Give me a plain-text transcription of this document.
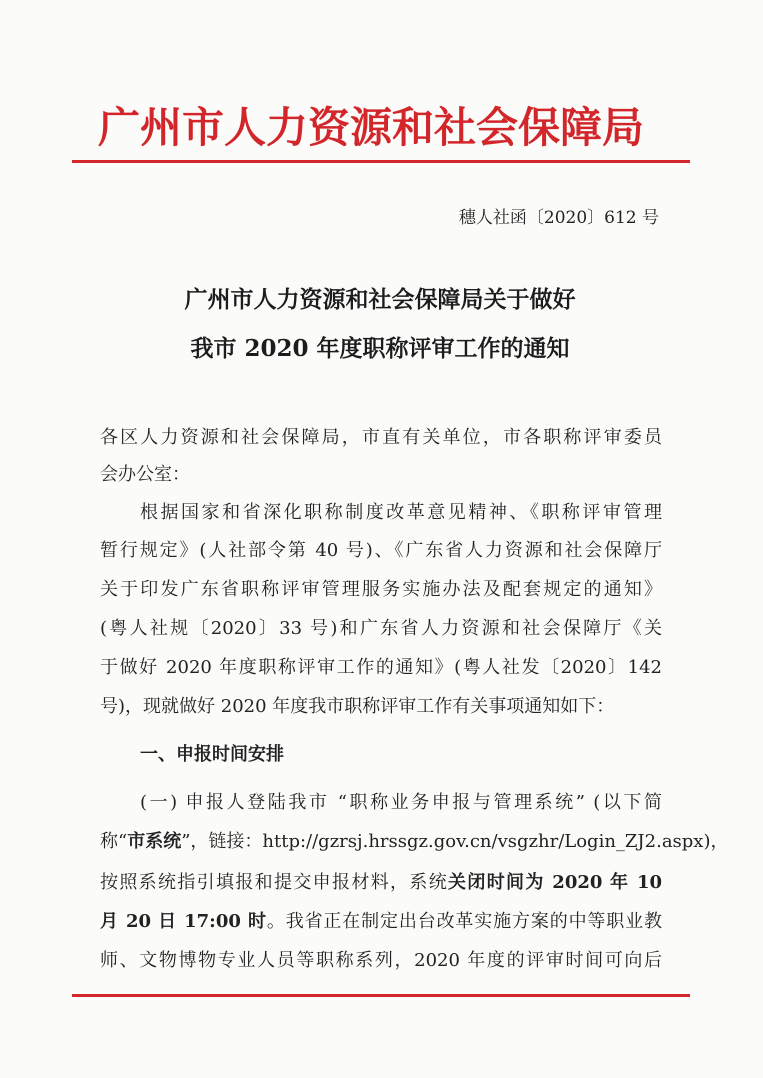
广州市人力资源和社会保障局
穗人社函〔2020〕612 号
广州市人力资源和社会保障局关于做好
我市 2020 年度职称评审工作的通知
各区人力资源和社会保障局，市直有关单位，市各职称评审委员
会办公室：
根据国家和省深化职称制度改革意见精神、《职称评审管理
暂行规定》(人社部令第 40 号)、《广东省人力资源和社会保障厅
关于印发广东省职称评审管理服务实施办法及配套规定的通知》
(粤人社规〔2020〕33 号)和广东省人力资源和社会保障厅《关
于做好 2020 年度职称评审工作的通知》(粤人社发〔2020〕142
号)，现就做好 2020 年度我市职称评审工作有关事项通知如下：
一、申报时间安排
(一) 申报人登陆我市 “职称业务申报与管理系统” (以下简
称“市系统”，链接：http://gzrsj.hrssgz.gov.cn/vsgzhr/Login_ZJ2.aspx)，
按照系统指引填报和提交申报材料，系统关闭时间为 2020 年 10
月 20 日 17:00 时。我省正在制定出台改革实施方案的中等职业教
师、文物博物专业人员等职称系列，2020 年度的评审时间可向后
